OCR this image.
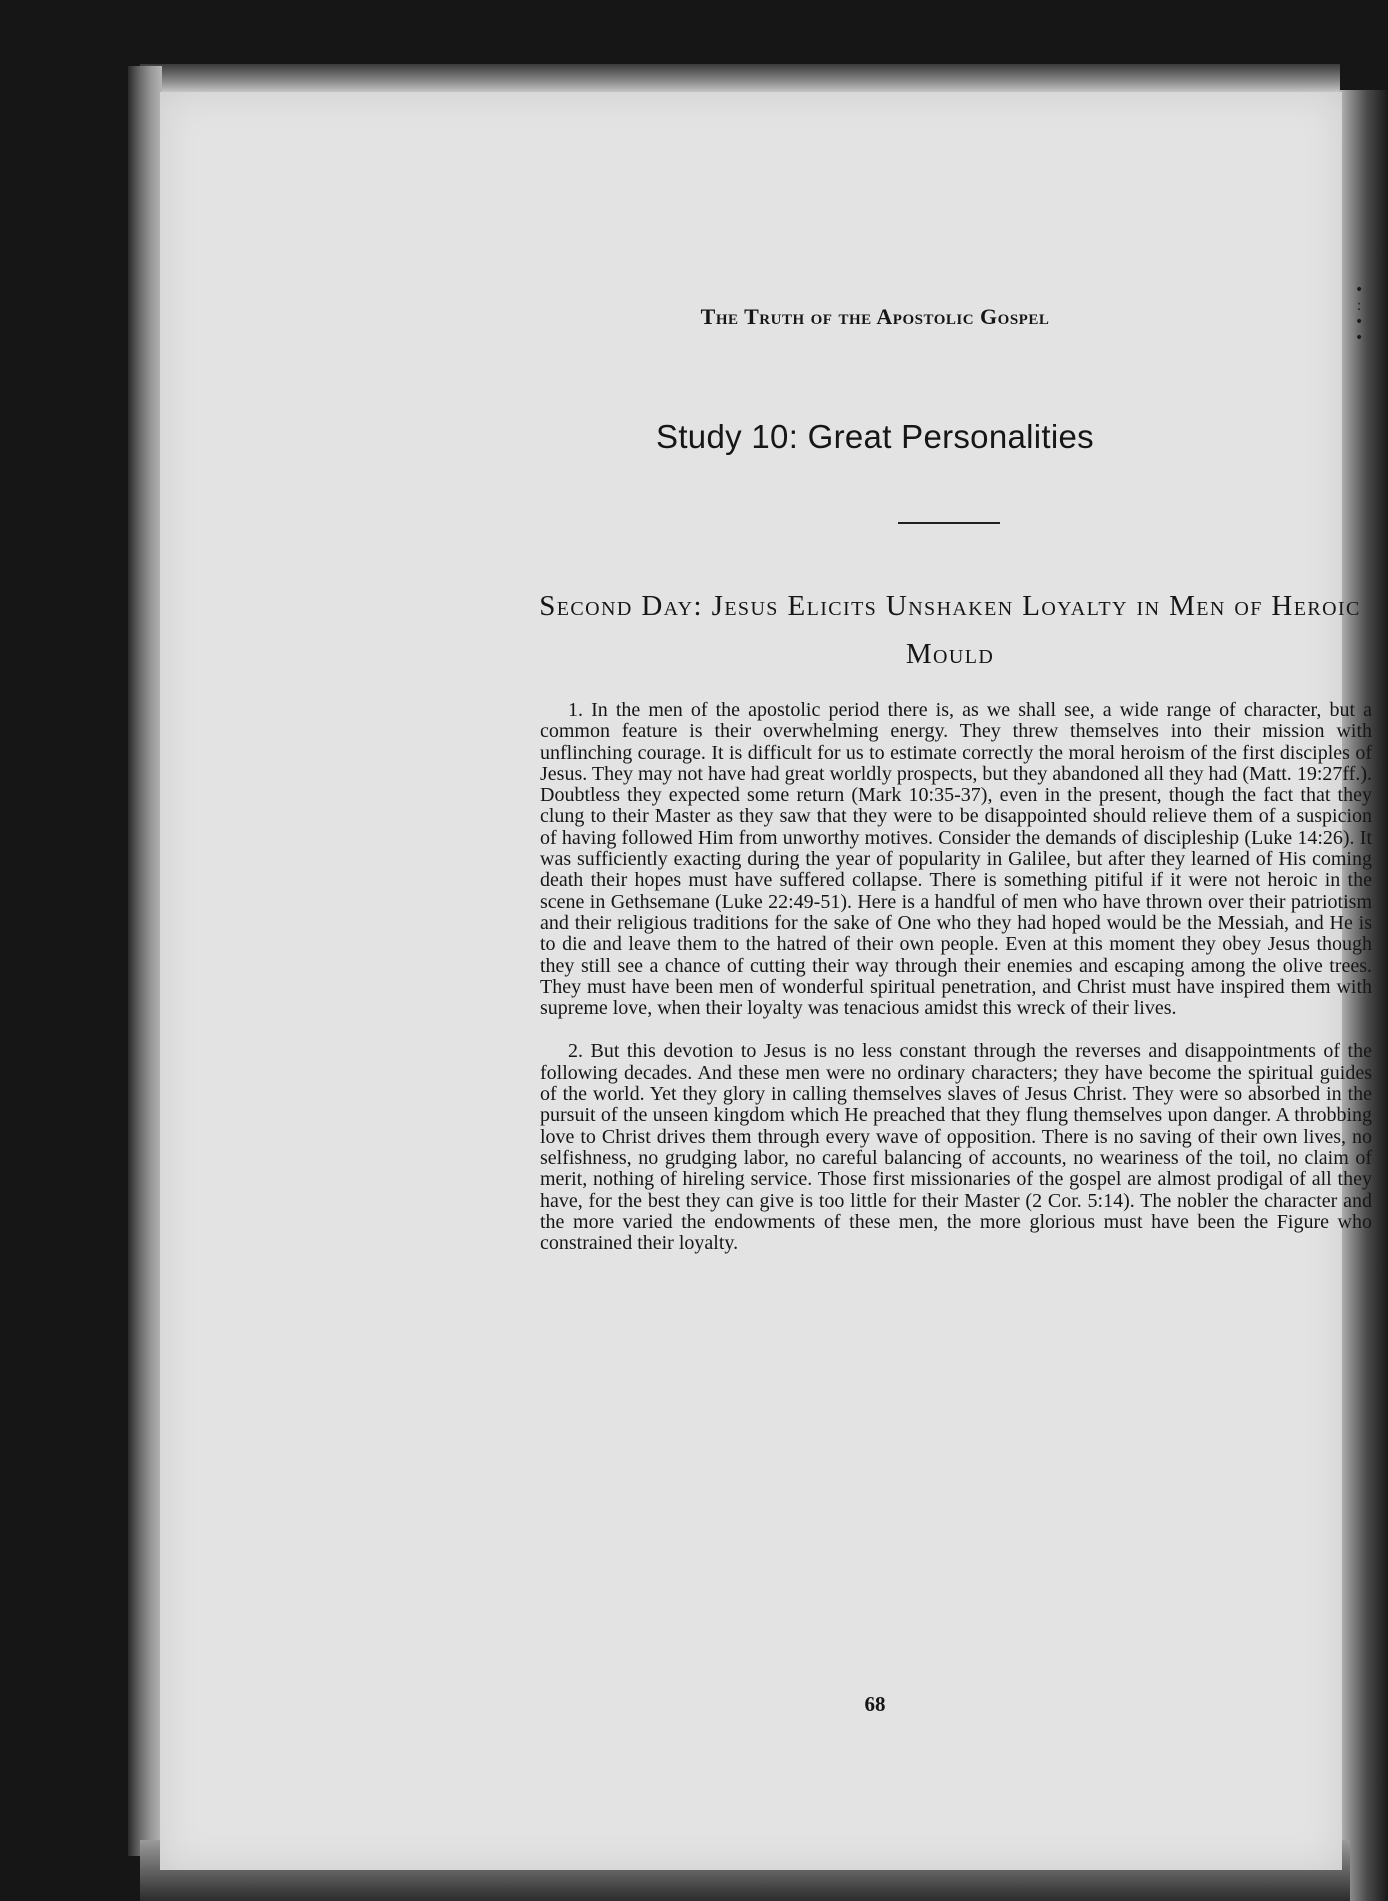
• : • •
The Truth of the Apostolic Gospel
Study 10: Great Personalities
Second Day: Jesus Elicits Unshaken Loyalty in Men of Heroic Mould

1. In the men of the apostolic period there is, as we shall see, a wide range of character, but a common feature is their overwhelming energy. They threw themselves into their mission with unflinching courage. It is difficult for us to estimate correctly the moral heroism of the first disciples of Jesus. They may not have had great worldly prospects, but they abandoned all they had (Matt. 19:27ff.). Doubtless they expected some return (Mark 10:35-37), even in the present, though the fact that they clung to their Master as they saw that they were to be disappointed should relieve them of a suspicion of having followed Him from unworthy motives. Consider the demands of discipleship (Luke 14:26). It was sufficiently exacting during the year of popularity in Galilee, but after they learned of His coming death their hopes must have suffered collapse. There is something pitiful if it were not heroic in the scene in Gethsemane (Luke 22:49-51). Here is a handful of men who have thrown over their patriotism and their religious traditions for the sake of One who they had hoped would be the Messiah, and He is to die and leave them to the hatred of their own people. Even at this moment they obey Jesus though they still see a chance of cutting their way through their enemies and escaping among the olive trees. They must have been men of wonderful spiritual penetration, and Christ must have inspired them with supreme love, when their loyalty was tenacious amidst this wreck of their lives.

2. But this devotion to Jesus is no less constant through the reverses and disappointments of the following decades. And these men were no ordinary characters; they have become the spiritual guides of the world. Yet they glory in calling themselves slaves of Jesus Christ. They were so absorbed in the pursuit of the unseen kingdom which He preached that they flung themselves upon danger. A throbbing love to Christ drives them through every wave of opposition. There is no saving of their own lives, no selfishness, no grudging labor, no careful balancing of accounts, no weariness of the toil, no claim of merit, nothing of hireling service. Those first missionaries of the gospel are almost prodigal of all they have, for the best they can give is too little for their Master (2 Cor. 5:14). The nobler the character and the more varied the endowments of these men, the more glorious must have been the Figure who constrained their loyalty.

68
